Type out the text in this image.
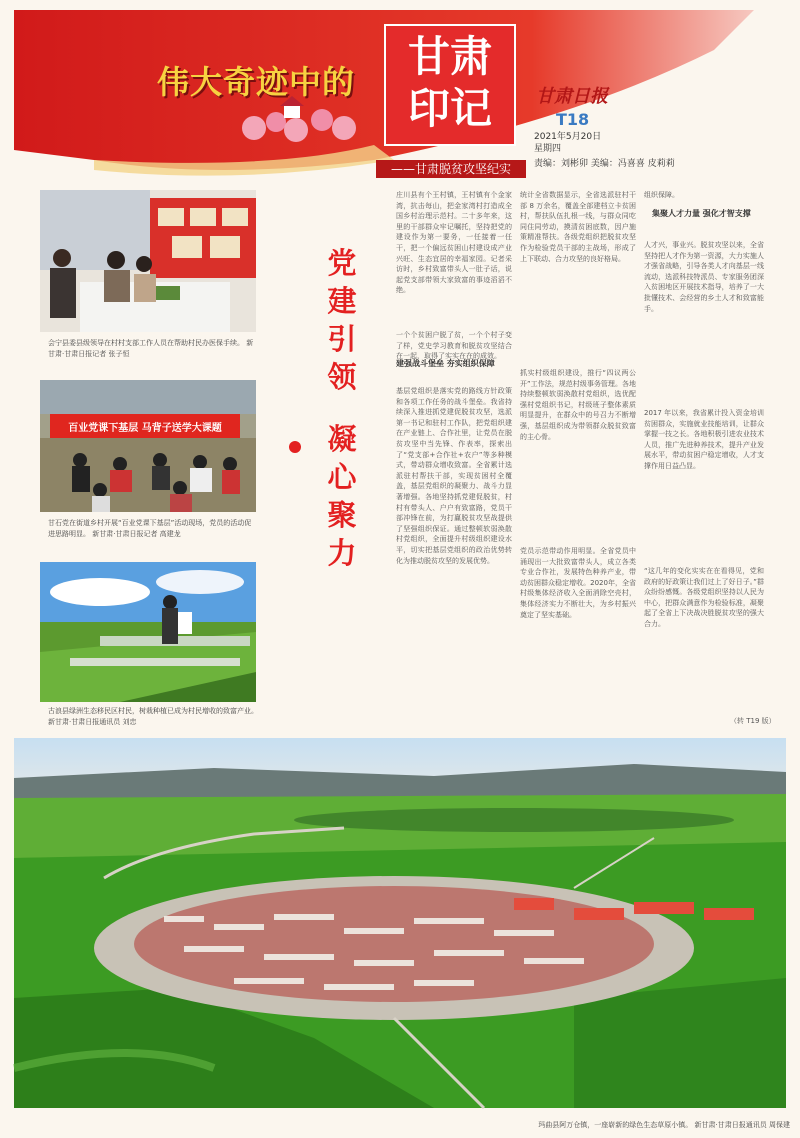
伟大奇迹中的
甘肃
印记
——甘肃脱贫攻坚纪实
甘肃日报
T18
2021年5月20日
星期四
责编：刘彬卯 美编：冯喜喜 皮莉莉
会宁县委县级领导在村村支部工作人员在帮助村民办医保手续。 新甘肃·甘肃日报记者 张子恒
百业党课下基层 马背子送学大课题
甘石党在街道乡村开展“百业党课下基层”活动现场，党员的活动促进思路明显。 新甘肃·甘肃日报记者 高建龙
古浪县绿洲生态移民区村民，树栽种植已成为村民增收的致富产业。 新甘肃·甘肃日报通讯员 刘忠
党
建
引
领
凝
心
聚
力
庄川县有个王村镇，王村镇有个金家湾，抗击每山，把金家湾村打造成全国乡村治理示范村。二十多年来，这里的干部群众牢记嘱托，坚持把党的建设作为第一要务，一任接着一任干，把一个偏远贫困山村建设成产业兴旺、生态宜居的幸福家园。记者采访时，乡村致富带头人一肚子话，说起党支部带领大家致富的事迹滔滔不绝。
一个个贫困户脱了贫，一个个村子变了样，党史学习教育和脱贫攻坚结合在一起，取得了实实在在的成效。
建强战斗堡垒 夯实组织保障
基层党组织是落实党的路线方针政策和各项工作任务的战斗堡垒。我省持续深入推进抓党建促脱贫攻坚，选派第一书记和驻村工作队，把党组织建在产业链上、合作社里，让党员在脱贫攻坚中当先锋、作表率，探索出了“党支部+合作社+农户”等多种模式，带动群众增收致富。全省累计选派驻村帮扶干部，实现贫困村全覆盖，基层党组织的凝聚力、战斗力显著增强。各地坚持抓党建促脱贫，村村有带头人、户户有致富路，党员干部冲锋在前，为打赢脱贫攻坚战提供了坚强组织保证。通过整顿软弱涣散村党组织，全面提升村级组织建设水平，切实把基层党组织的政治优势转化为推动脱贫攻坚的发展优势。
统计全省数据显示，全省选派驻村干部 8 万余名，覆盖全部建档立卡贫困村，帮扶队伍扎根一线，与群众同吃同住同劳动，摸清贫困底数，因户施策精准帮扶。各级党组织把脱贫攻坚作为检验党员干部的主战场，形成了上下联动、合力攻坚的良好格局。
抓实村级组织建设，推行“四议两公开”工作法，规范村级事务管理。各地持续整顿软弱涣散村党组织，选优配强村党组织书记，村级班子整体素质明显提升，在群众中的号召力不断增强，基层组织成为带领群众脱贫致富的主心骨。
党员示范带动作用明显。全省党员中涌现出一大批致富带头人，成立各类专业合作社，发展特色种养产业，带动贫困群众稳定增收。2020年，全省村级集体经济收入全面消除空壳村，集体经济实力不断壮大，为乡村振兴奠定了坚实基础。
组织保障。
集聚人才力量 强化才智支撑
人才兴，事业兴。脱贫攻坚以来，全省坚持把人才作为第一资源，大力实施人才强省战略，引导各类人才向基层一线流动，选派科技特派员、专家服务团深入贫困地区开展技术指导，培养了一大批懂技术、会经营的乡土人才和致富能手。
2017 年以来，我省累计投入资金培训贫困群众，实施就业技能培训，让群众掌握一技之长。各地积极引进农业技术人员，推广先进种养技术，提升产业发展水平，带动贫困户稳定增收，人才支撑作用日益凸显。
“这几年的变化实实在在看得见，党和政府的好政策让我们过上了好日子。”群众纷纷感慨。各级党组织坚持以人民为中心，把群众满意作为检验标准，凝聚起了全省上下决战决胜脱贫攻坚的强大合力。
（转 T19 版）
玛曲县阿万仓镇，一座崭新的绿色生态草原小镇。 新甘肃·甘肃日报通讯员 周保建
